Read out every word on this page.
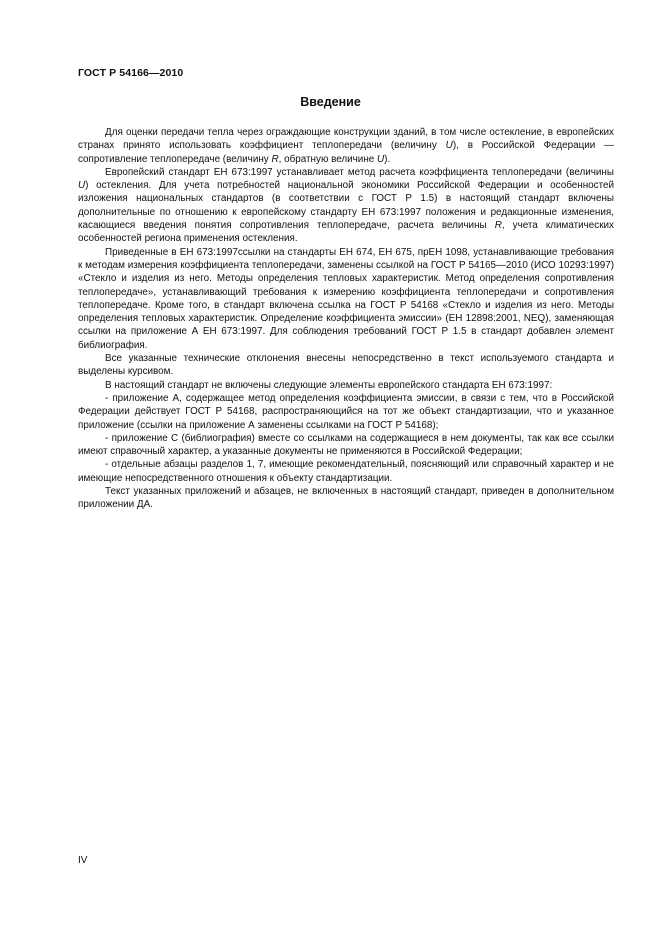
ГОСТ Р 54166—2010
Введение

Для оценки передачи тепла через ограждающие конструкции зданий, в том числе остекление, в европейских странах принято использовать коэффициент теплопередачи (величину U), в Российской Федерации — сопротивление теплопередаче (величину R, обратную величине U).

Европейский стандарт ЕН 673:1997 устанавливает метод расчета коэффициента теплопередачи (величины U) остекления. Для учета потребностей национальной экономики Российской Федерации и особенностей изложения национальных стандартов (в соответствии с ГОСТ Р 1.5) в настоящий стандарт включены дополнительные по отношению к европейскому стандарту ЕН 673:1997 положения и редакционные изменения, касающиеся введения понятия сопротивления теплопередаче, расчета величины R, учета климатических особенностей региона применения остекления.

Приведенные в ЕН 673:1997ссылки на стандарты ЕН 674, ЕН 675, прЕН 1098, устанавливающие требования к методам измерения коэффициента теплопередачи, заменены ссылкой на ГОСТ Р 54165—2010 (ИСО 10293:1997) «Стекло и изделия из него. Методы определения тепловых характеристик. Метод определения сопротивления теплопередаче», устанавливающий требования к измерению коэффициента теплопередачи и сопротивления теплопередаче. Кроме того, в стандарт включена ссылка на ГОСТ Р 54168 «Стекло и изделия из него. Методы определения тепловых характеристик. Определение коэффициента эмиссии» (ЕН 12898:2001, NEQ), заменяющая ссылки на приложение А ЕН 673:1997. Для соблюдения требований ГОСТ Р 1.5 в стандарт добавлен элемент библиография.

Все указанные технические отклонения внесены непосредственно в текст используемого стандарта и выделены курсивом.

В настоящий стандарт не включены следующие элементы европейского стандарта ЕН 673:1997:

- приложение А, содержащее метод определения коэффициента эмиссии, в связи с тем, что в Российской Федерации действует ГОСТ Р 54168, распространяющийся на тот же объект стандартизации, что и указанное приложение (ссылки на приложение А заменены ссылками на ГОСТ Р 54168);

- приложение С (библиография) вместе со ссылками на содержащиеся в нем документы, так как все ссылки имеют справочный характер, а указанные документы не применяются в Российской Федерации;

- отдельные абзацы разделов 1, 7, имеющие рекомендательный, поясняющий или справочный характер и не имеющие непосредственного отношения к объекту стандартизации.

Текст указанных приложений и абзацев, не включенных в настоящий стандарт, приведен в дополнительном приложении ДА.

IV
